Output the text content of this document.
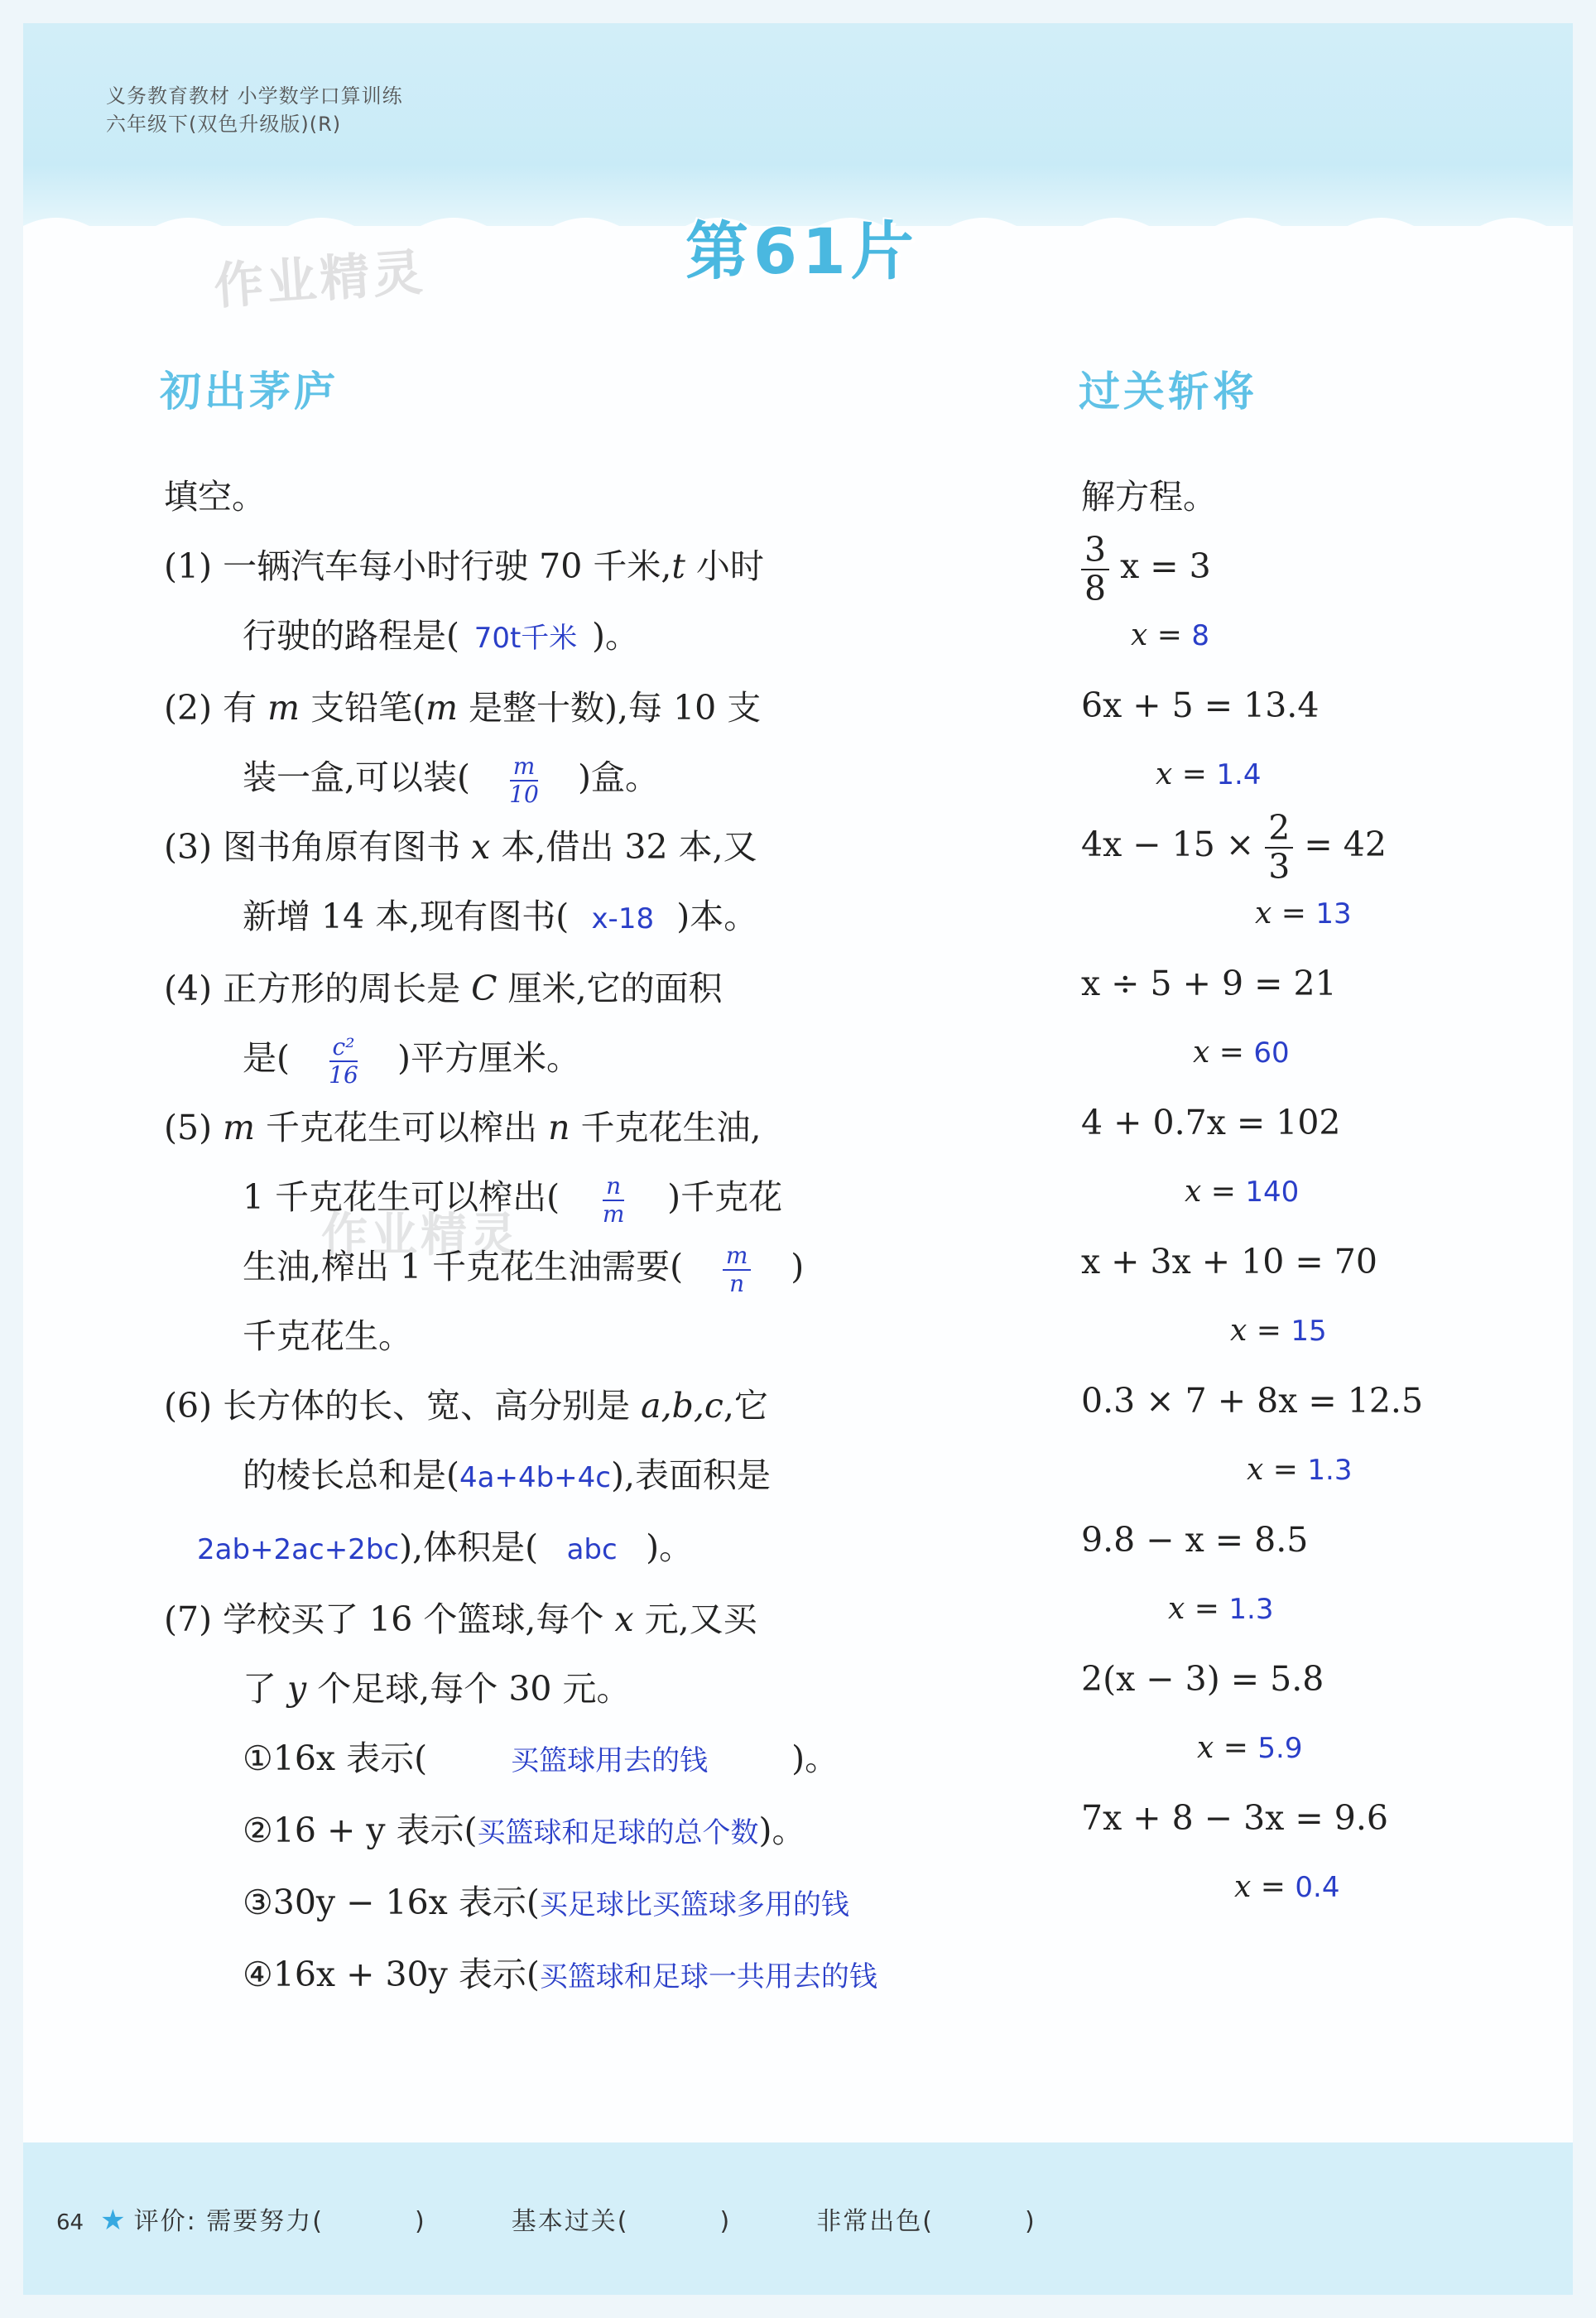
义务教育教材 小学数学口算训练
六年级下(双色升级版)(R)
第61片
作业精灵
作业精灵
初出茅庐	过关斩将
填空。
(1) 一辆汽车每小时行驶 70 千米,t 小时
行驶的路程是( 70t千米 )。
(2) 有 m 支铅笔(m 是整十数),每 10 支
装一盒,可以装( $\frac{m}{10}$ )盒。
(3) 图书角原有图书 x 本,借出 32 本,又
新增 14 本,现有图书( x-18 )本。
(4) 正方形的周长是 C 厘米,它的面积
是( $\frac{\text{c²}}{16}$ )平方厘米。
(5) m 千克花生可以榨出 n 千克花生油,
1 千克花生可以榨出( $\frac{n}{m}$ )千克花
生油,榨出 1 千克花生油需要( $\frac{m}{n}$ )
千克花生。
(6) 长方体的长、宽、高分别是 a,b,c,它
的棱长总和是(4a+4b+4c),表面积是
2ab+2ac+2bc),体积是( abc )。
(7) 学校买了 16 个篮球,每个 x 元,又买
了 y 个足球,每个 30 元。
①16x 表示(	买篮球用去的钱 )。
②16 + y 表示(买篮球和足球的总个数)。
③30y − 16x 表示(买足球比买篮球多用的钱
④16x + 30y 表示(买篮球和足球一共用去的钱
解方程。
$\frac{3}{8}$ x = 3
x = 8
6x + 5 = 13.4
x = 1.4
$4x - 15 \times \frac{2}{3} = 42$
x = 13
x ÷ 5 + 9 = 21
x = 60
4 + 0.7x = 102
x = 140
x + 3x + 10 = 70
x = 15
0.3 × 7 + 8x = 12.5
x = 1.3
9.8 − x = 8.5
x = 1.3
2(x − 3) = 5.8
x = 5.9
7x + 8 − 3x = 9.6
x = 0.4
64 ★ 评价: 需要努力(	)	基本过关(	)	非常出色(	)
